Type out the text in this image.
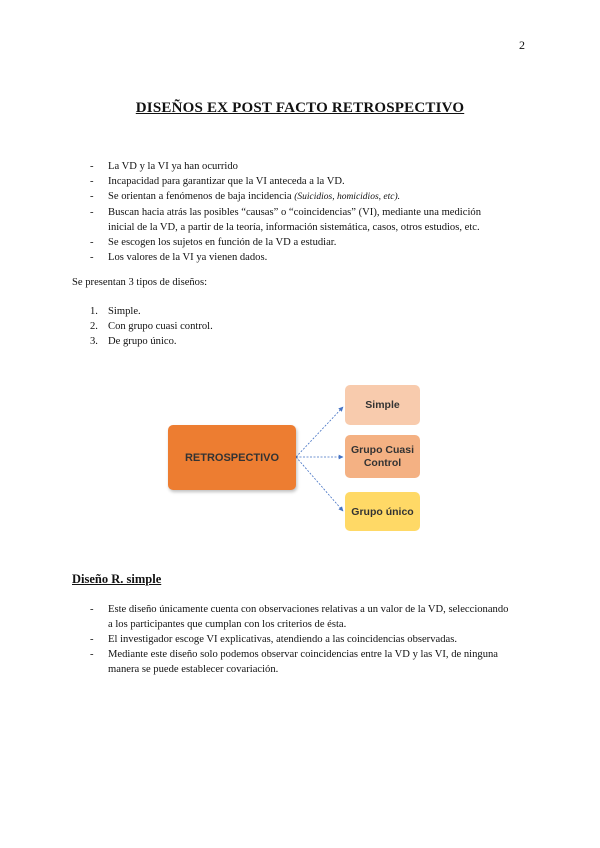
2
DISEÑOS EX POST FACTO RETROSPECTIVO
- La VD y la VI ya han ocurrido
- Incapacidad para garantizar que la VI anteceda a la VD.
- Se orientan a fenómenos de baja incidencia (Suicidios, homicidios, etc).
- Buscan hacia atrás las posibles “causas” o “coincidencias” (VI), mediante una medición inicial de la VD, a partir de la teoría, información sistemática, casos, otros estudios, etc.
- Se escogen los sujetos en función de la VD a estudiar.
- Los valores de la VI ya vienen dados.
Se presentan 3 tipos de diseños:
1. Simple.
2. Con grupo cuasi control.
3. De grupo único.
RETROSPECTIVO
Simple
Grupo Cuasi Control
Grupo único
Diseño R. simple
- Este diseño únicamente cuenta con observaciones relativas a un valor de la VD, seleccionando a los participantes que cumplan con los criterios de ésta.
- El investigador escoge VI explicativas, atendiendo a las coincidencias observadas.
- Mediante este diseño solo podemos observar coincidencias entre la VD y las VI, de ninguna manera se puede establecer covariación.
